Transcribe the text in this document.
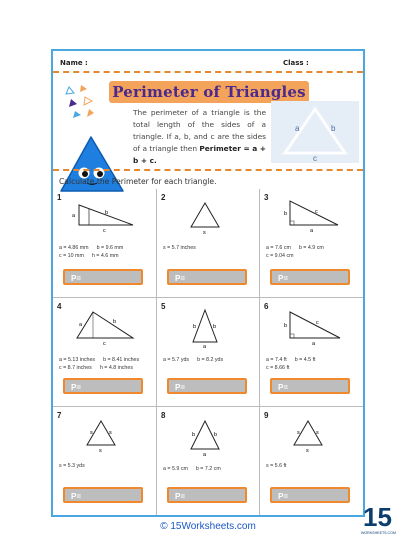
Name :	Class :
Perimeter of Triangles
The perimeter of a triangle is the total length of the sides of a triangle. If a, b, and c are the sides of a triangle then Perimeter = a + b + c.
a	b
c
Calculate the Perimeter for each triangle.
1
a	b
c
a = 4.86 mm b = 9.6 mm
c = 10 mm h = 4.6 mm
P=
2
s
s = 5.7 inches
P=
3
b	c
a
a = 7.6 cm b = 4.9 cm
c = 9.04 cm
P=
4
a	b
c
a = 5.13 inches b = 8.41 inches
c = 8.7 inches h = 4.8 inches
P=
5
b	b
a
a = 5.7 yds b = 8.2 yds
P=
6
b	c
a
a = 7.4 ft b = 4.5 ft
c = 8.66 ft
P=
7
s	s
s
s = 5.3 yds
P=
8
b	b
a
a = 5.9 cm b = 7.2 cm
P=
9
s	s
s
s = 5.6 ft
P=
© 15Worksheets.com	15
WORKSHEETS.COM
